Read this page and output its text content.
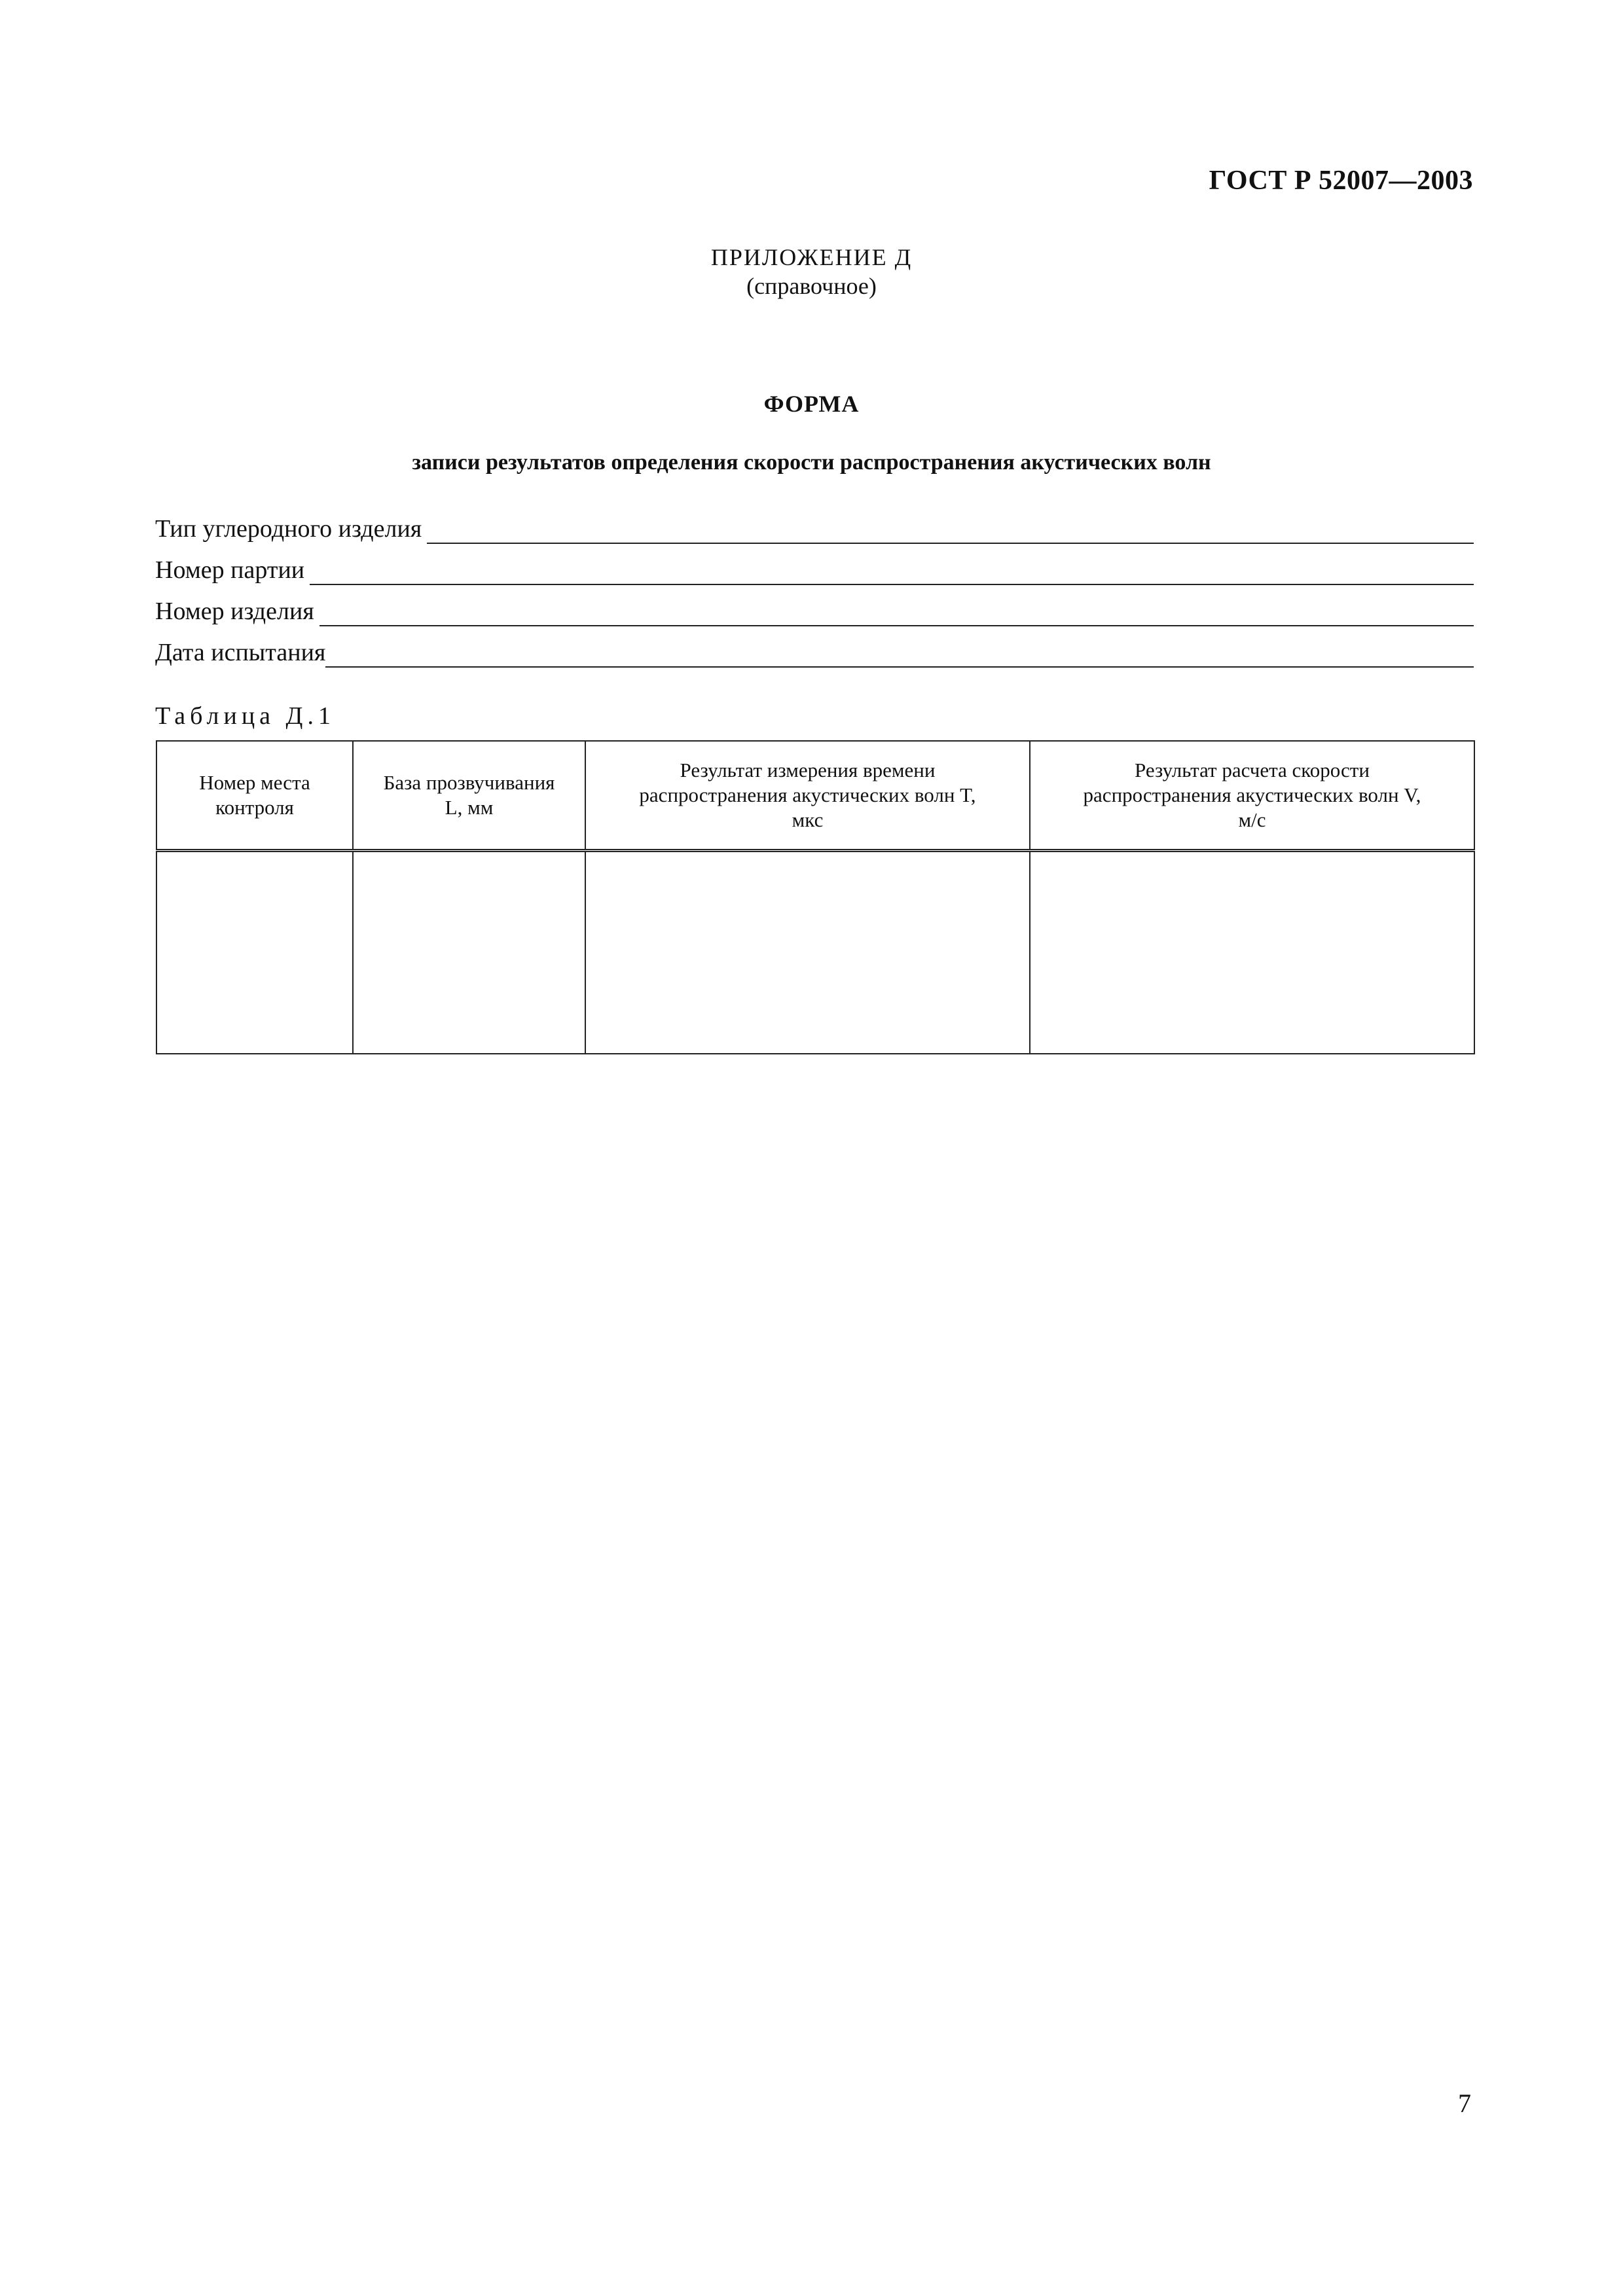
ГОСТ Р 52007—2003
ПРИЛОЖЕНИЕ Д
(справочное)
ФОРМА
записи результатов определения скорости распространения акустических волн
Тип углеродного изделия
Номер партии
Номер изделия
Дата испытания
Таблица Д.1
Номер места
контроля	База прозвучивания
L, мм	Результат измерения времени
распространения акустических волн T,
мкс	Результат расчета скорости
распространения акустических волн V,
м/с

7
